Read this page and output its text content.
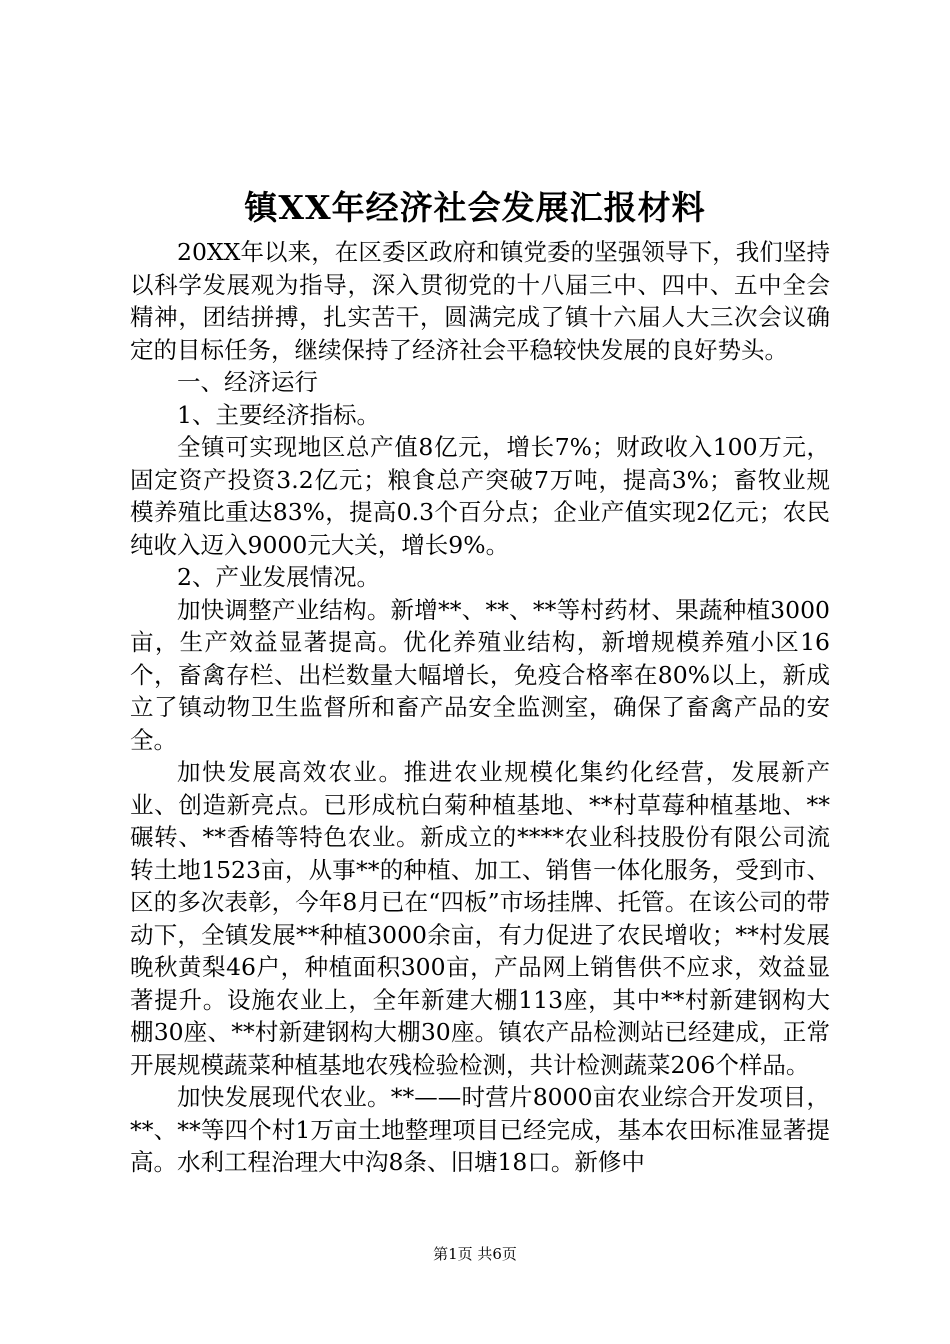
镇XX年经济社会发展汇报材料

20XX年以来，在区委区政府和镇党委的坚强领导下，我们坚持以科学发展观为指导，深入贯彻党的十八届三中、四中、五中全会精神，团结拼搏，扎实苦干，圆满完成了镇十六届人大三次会议确定的目标任务，继续保持了经济社会平稳较快发展的良好势头。

一、经济运行

1、主要经济指标。

全镇可实现地区总产值8亿元，增长7%；财政收入100万元，固定资产投资3.2亿元；粮食总产突破7万吨，提高3%；畜牧业规模养殖比重达83%，提高0.3个百分点；企业产值实现2亿元；农民纯收入迈入9000元大关，增长9%。

2、产业发展情况。

加快调整产业结构。新增**、**、**等村药材、果蔬种植3000亩，生产效益显著提高。优化养殖业结构，新增规模养殖小区16个，畜禽存栏、出栏数量大幅增长，免疫合格率在80%以上，新成立了镇动物卫生监督所和畜产品安全监测室，确保了畜禽产品的安全。

加快发展高效农业。推进农业规模化集约化经营，发展新产业、创造新亮点。已形成杭白菊种植基地、**村草莓种植基地、**碾转、**香椿等特色农业。新成立的****农业科技股份有限公司流转土地1523亩，从事**的种植、加工、销售一体化服务，受到市、区的多次表彰，今年8月已在“四板”市场挂牌、托管。在该公司的带动下，全镇发展**种植3000余亩，有力促进了农民增收；**村发展晚秋黄梨46户，种植面积300亩，产品网上销售供不应求，效益显著提升。设施农业上，全年新建大棚113座，其中**村新建钢构大棚30座、**村新建钢构大棚30座。镇农产品检测站已经建成，正常开展规模蔬菜种植基地农残检验检测，共计检测蔬菜206个样品。

加快发展现代农业。**——时营片8000亩农业综合开发项目，**、**等四个村1万亩土地整理项目已经完成，基本农田标准显著提高。水利工程治理大中沟8条、旧塘18口。新修中

第1页 共6页
